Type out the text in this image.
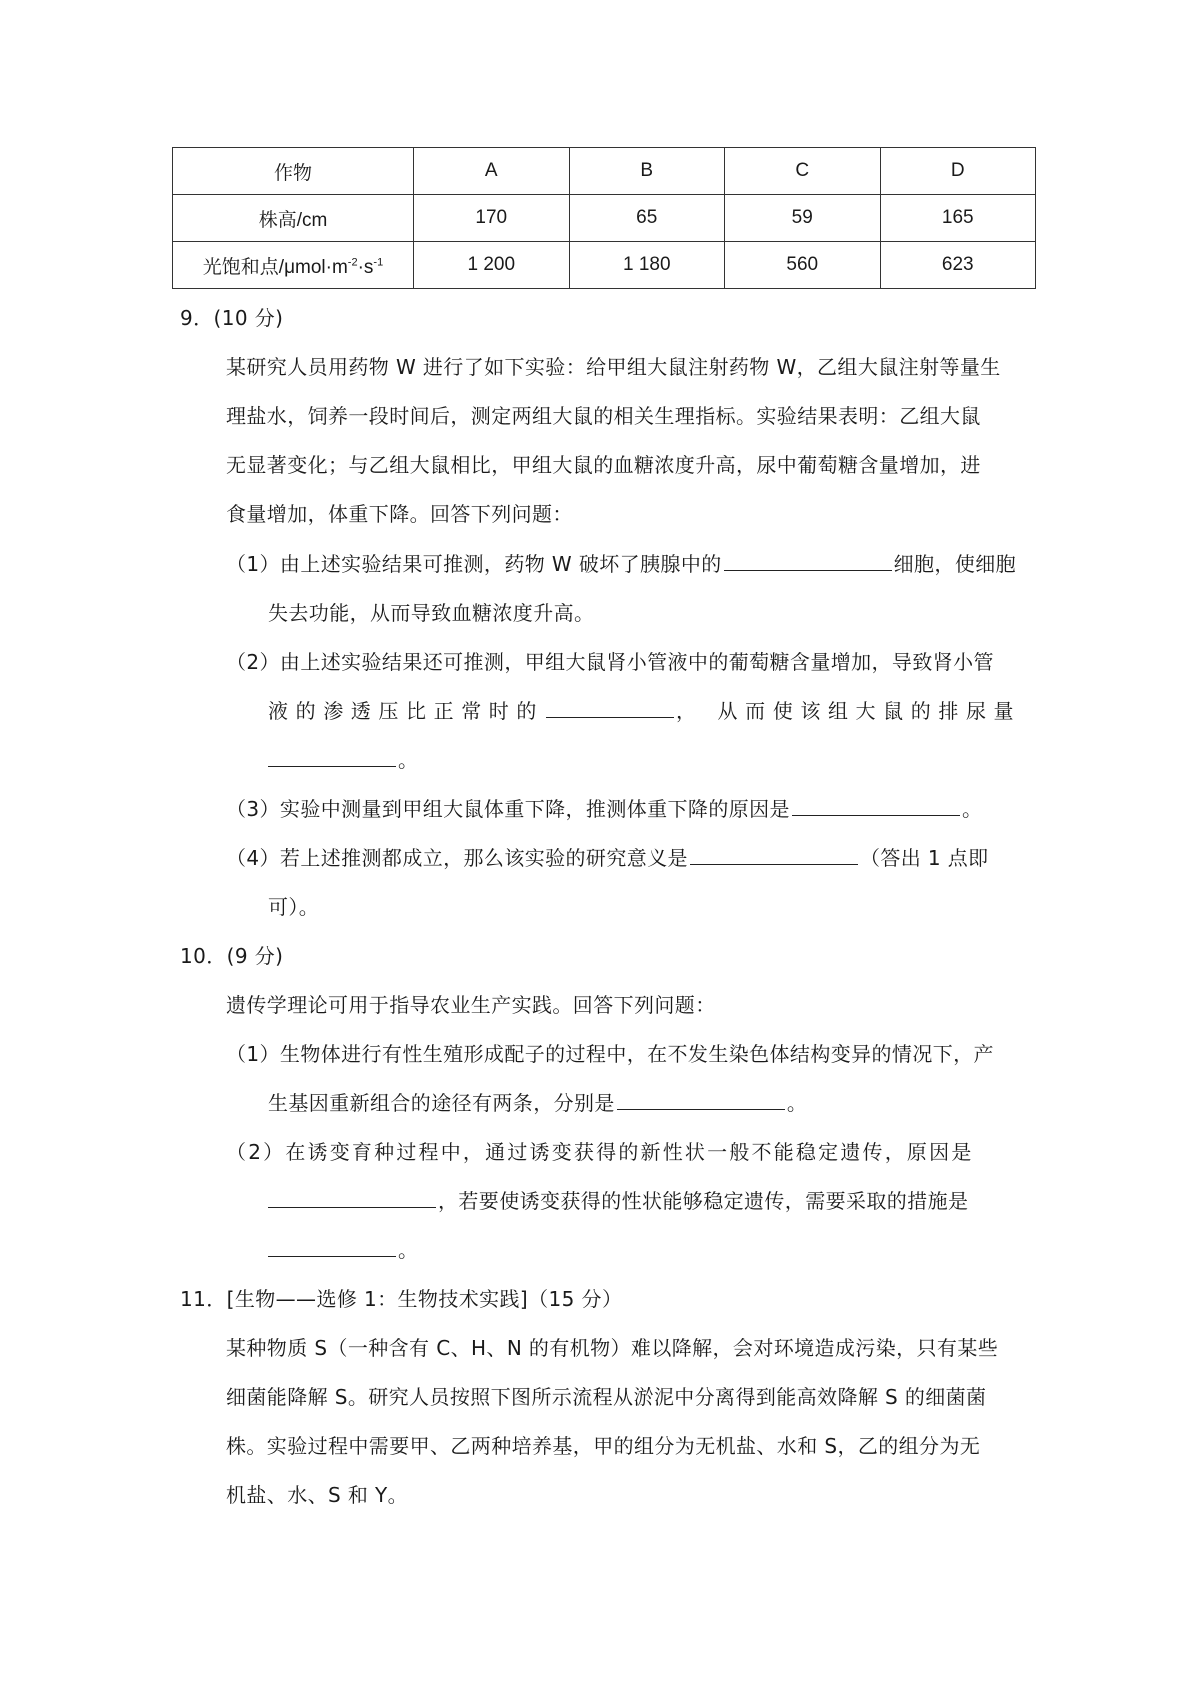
作物	A	B	C	D
株高/cm	170	65	59	165
光饱和点$/\mu mol\cdot m^{-2}\cdot s^{-1}$	1 200	1 180	560	623
9．(10 分)
某研究人员用药物 W 进行了如下实验：给甲组大鼠注射药物 W，乙组大鼠注射等量生
理盐水，饲养一段时间后，测定两组大鼠的相关生理指标。实验结果表明：乙组大鼠
无显著变化；与乙组大鼠相比，甲组大鼠的血糖浓度升高，尿中葡萄糖含量增加，进
食量增加，体重下降。回答下列问题：
（1）由上述实验结果可推测，药物 W 破坏了胰腺中的	细胞，使细胞
失去功能，从而导致血糖浓度升高。
（2）由上述实验结果还可推测，甲组大鼠肾小管液中的葡萄糖含量增加，导致肾小管
液的渗透压比正常时的	， 从而使该组大鼠的排尿量
。
（3）实验中测量到甲组大鼠体重下降，推测体重下降的原因是	。
（4）若上述推测都成立，那么该实验的研究意义是	（答出 1 点即
可）。
10．(9 分)
遗传学理论可用于指导农业生产实践。回答下列问题：
（1）生物体进行有性生殖形成配子的过程中，在不发生染色体结构变异的情况下，产
生基因重新组合的途径有两条，分别是	。
（2）在诱变育种过程中，通过诱变获得的新性状一般不能稳定遗传，原因是
，若要使诱变获得的性状能够稳定遗传，需要采取的措施是
。
11．[生物——选修 1：生物技术实践]（15 分）
某种物质 S（一种含有 C、H、N 的有机物）难以降解，会对环境造成污染，只有某些
细菌能降解 S。研究人员按照下图所示流程从淤泥中分离得到能高效降解 S 的细菌菌
株。实验过程中需要甲、乙两种培养基，甲的组分为无机盐、水和 S，乙的组分为无
机盐、水、S 和 Y。
